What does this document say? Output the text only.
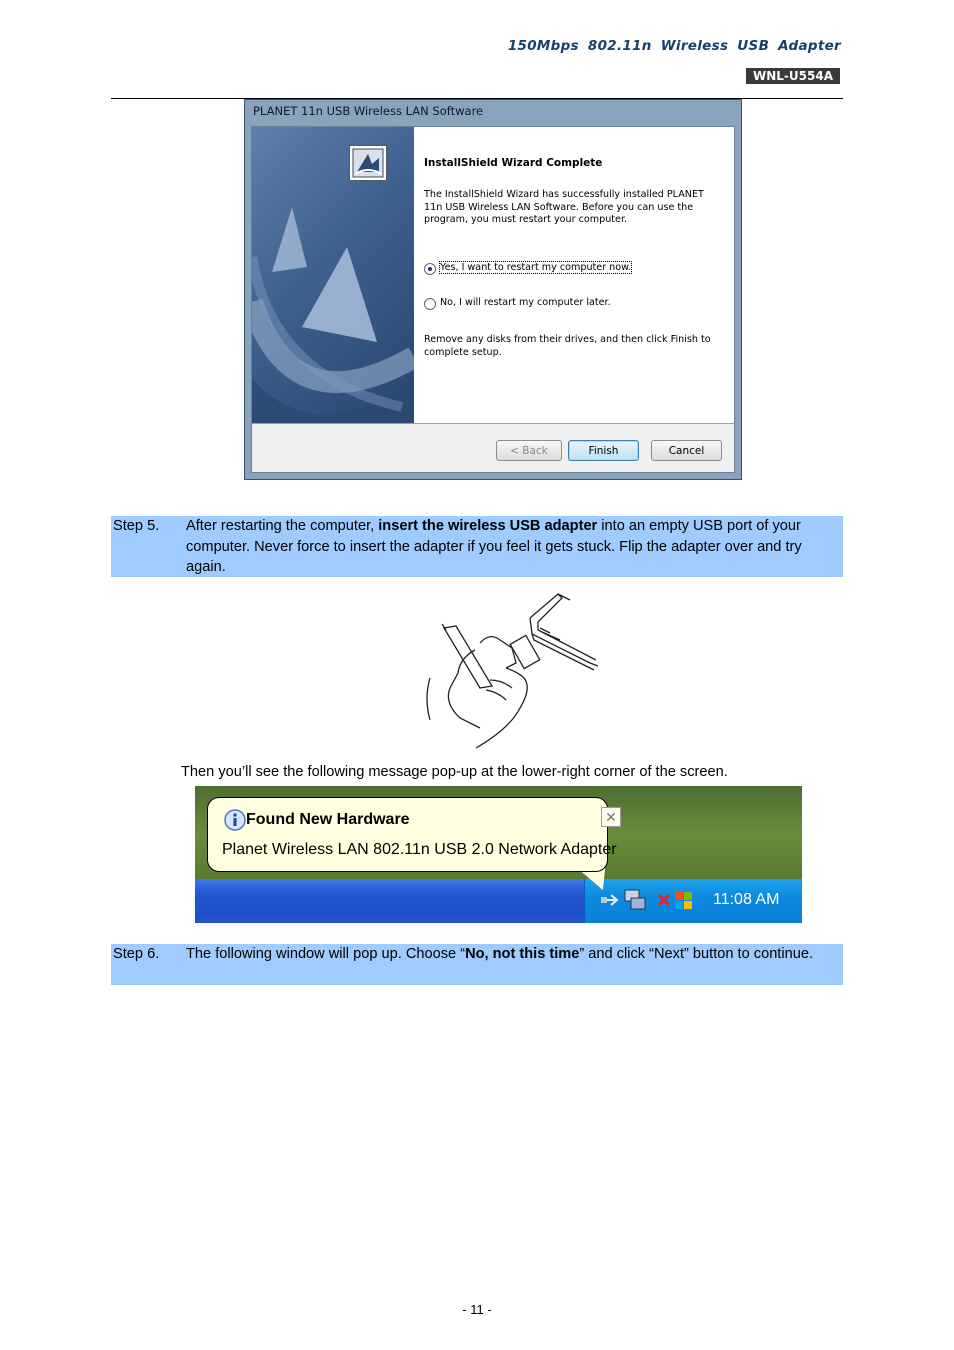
150Mbps 802.11n Wireless USB Adapter
WNL-U554A
PLANET 11n USB Wireless LAN Software
InstallShield Wizard Complete
The InstallShield Wizard has successfully installed PLANET 11n USB Wireless LAN Software. Before you can use the program, you must restart your computer.
Yes, I want to restart my computer now.
No, I will restart my computer later.
Remove any disks from their drives, and then click Finish to complete setup.
< Back	Finish	Cancel
Step 5. After restarting the computer, insert the wireless USB adapter into an empty USB port of your computer. Never force to insert the adapter if you feel it gets stuck. Flip the adapter over and try again.
Then you’ll see the following message pop-up at the lower-right corner of the screen.
11:08 AM
Found New Hardware
Planet Wireless LAN 802.11n USB 2.0 Network Adapter
✕
Step 6. The following window will pop up. Choose “No, not this time” and click “Next” button to continue.
- 11 -
